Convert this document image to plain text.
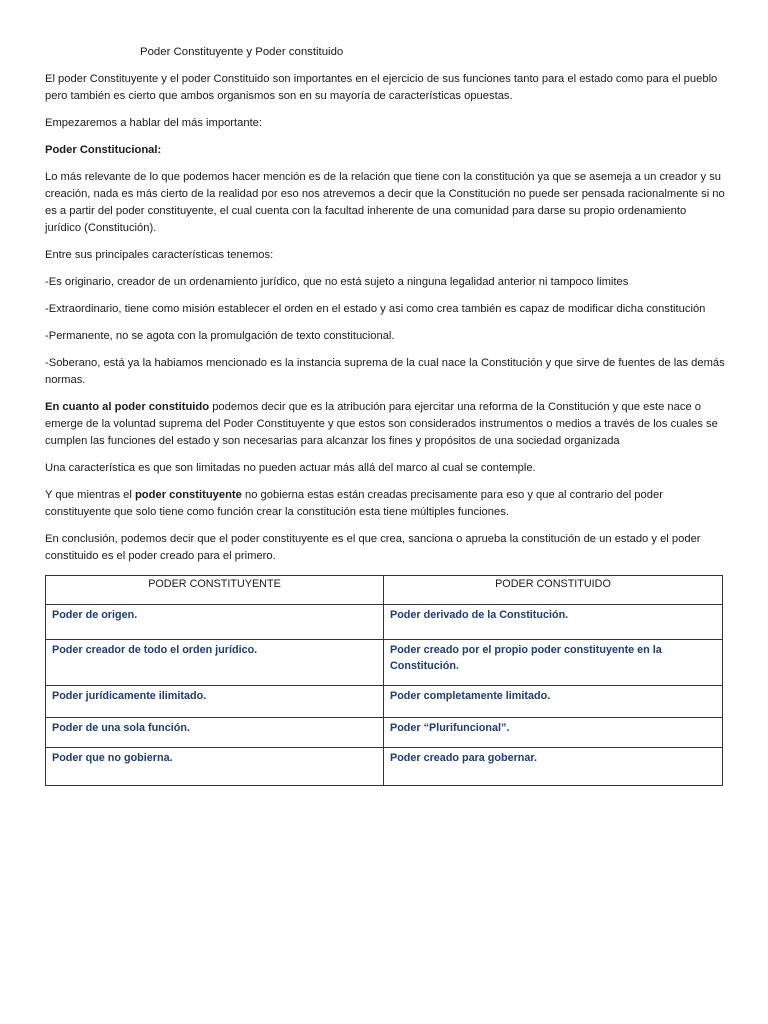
Poder Constituyente y Poder constituido

El poder Constituyente y el poder Constituido son importantes en el ejercicio de sus funciones tanto para el estado como para el pueblo pero también es cierto que ambos organismos son en su mayoría de características opuestas.

Empezaremos a hablar del más importante:

Poder Constitucional:

Lo más relevante de lo que podemos hacer mención es de la relación que tiene con la constitución ya que se asemeja a un creador y su creación, nada es más cierto de la realidad por eso nos atrevemos a decir que la Constitución no puede ser pensada racionalmente si no es a partir del poder constituyente, el cual cuenta con la facultad inherente de una comunidad para darse su propio ordenamiento jurídico (Constitución).

Entre sus principales características tenemos:

-Es originario, creador de un ordenamiento jurídico, que no está sujeto a ninguna legalidad anterior ni tampoco limites

-Extraordinario, tiene como misión establecer el orden en el estado y asi como crea también es capaz de modificar dicha constitución

-Permanente, no se agota con la promulgación de texto constitucional.

-Soberano, está ya la habiamos mencionado es la instancia suprema de la cual nace la Constitución y que sirve de fuentes de las demás normas.

En cuanto al poder constituido podemos decir que es la atribución para ejercitar una reforma de la Constitución y que este nace o emerge de la voluntad suprema del Poder Constituyente y que estos son considerados instrumentos o medios a través de los cuales se cumplen las funciones del estado y son necesarias para alcanzar los fines y propósitos de una sociedad organizada

Una característica es que son limitadas no pueden actuar más allá del marco al cual se contemple.

Y que mientras el poder constituyente no gobierna estas están creadas precisamente para eso y que al contrario del poder constituyente que solo tiene como función crear la constitución esta tiene múltiples funciones.

En conclusión, podemos decir que el poder constituyente es el que crea, sanciona o aprueba la constitución de un estado y el poder constituido es el poder creado para el primero.

PODER CONSTITUYENTE	PODER CONSTITUIDO
Poder de origen.	Poder derivado de la Constitución.
Poder creador de todo el orden jurídico.	Poder creado por el propio poder constituyente en la Constitución.
Poder jurídicamente ilimitado.	Poder completamente limitado.
Poder de una sola función.	Poder “Plurifuncional”.
Poder que no gobierna.	Poder creado para gobernar.
